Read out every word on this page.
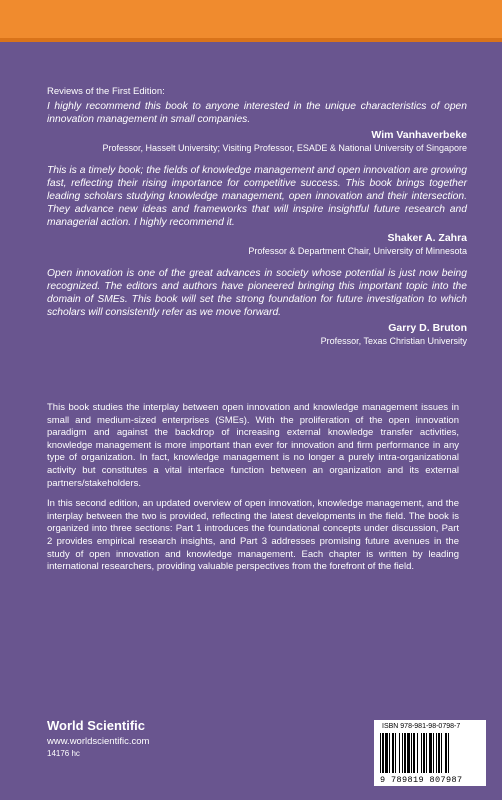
Reviews of the First Edition:

I highly recommend this book to anyone interested in the unique characteristics of open innovation management in small companies.

Wim Vanhaverbeke

Professor, Hasselt University; Visiting Professor, ESADE & National University of Singapore

This is a timely book; the fields of knowledge management and open innovation are growing fast, reflecting their rising importance for competitive success. This book brings together leading scholars studying knowledge management, open innovation and their intersection. They advance new ideas and frameworks that will inspire insightful future research and managerial action. I highly recommend it.

Shaker A. Zahra

Professor & Department Chair, University of Minnesota

Open innovation is one of the great advances in society whose potential is just now being recognized. The editors and authors have pioneered bringing this important topic into the domain of SMEs. This book will set the strong foundation for future investigation to which scholars will consistently refer as we move forward.

Garry D. Bruton

Professor, Texas Christian University

This book studies the interplay between open innovation and knowledge management issues in small and medium-sized enterprises (SMEs). With the proliferation of the open innovation paradigm and against the backdrop of increasing external knowledge transfer activities, knowledge management is more important than ever for innovation and firm performance in any type of organization. In fact, knowledge management is no longer a purely intra-organizational activity but constitutes a vital interface function between an organization and its external partners/stakeholders.

In this second edition, an updated overview of open innovation, knowledge management, and the interplay between the two is provided, reflecting the latest developments in the field. The book is organized into three sections: Part 1 introduces the foundational concepts under discussion, Part 2 provides empirical research insights, and Part 3 addresses promising future avenues in the study of open innovation and knowledge management. Each chapter is written by leading international researchers, providing valuable perspectives from the forefront of the field.

World Scientific

www.worldscientific.com

14176 hc

ISBN 978-981-98-0798-7
9 789819 807987
